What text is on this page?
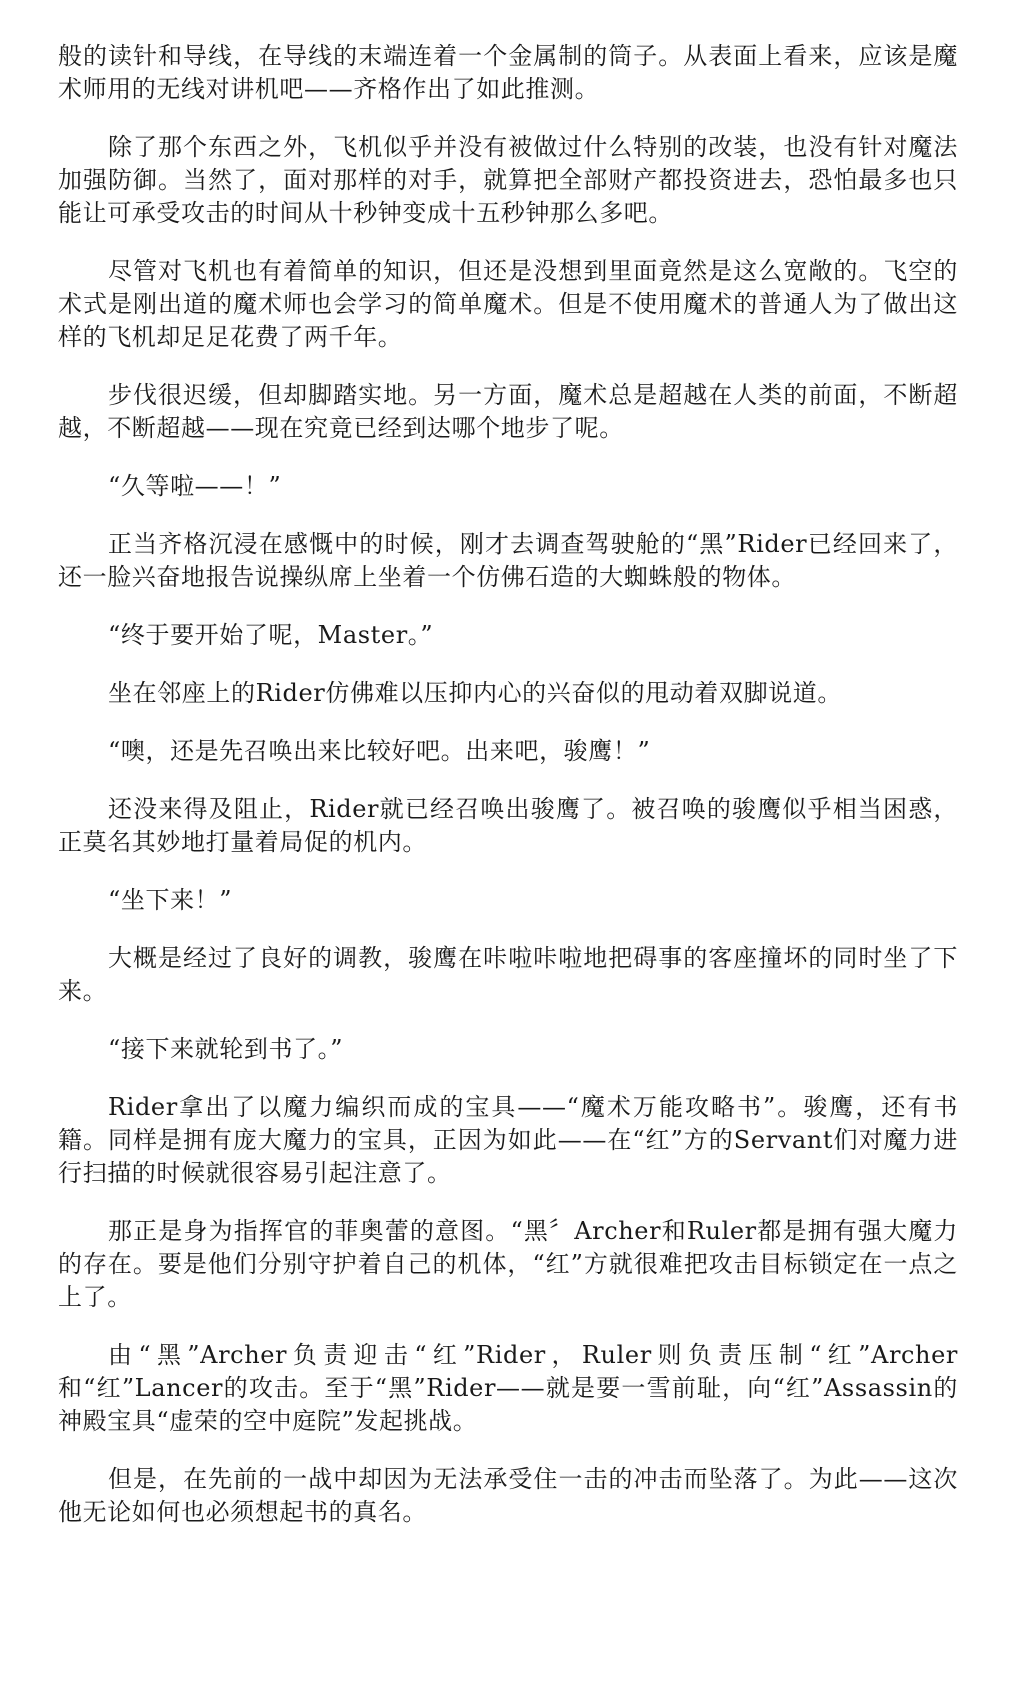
般的读针和导线，在导线的末端连着一个金属制的筒子。从表面上看来，应该是魔术师用的无线对讲机吧——齐格作出了如此推测。

除了那个东西之外，飞机似乎并没有被做过什么特别的改装，也没有针对魔法加强防御。当然了，面对那样的对手，就算把全部财产都投资进去，恐怕最多也只能让可承受攻击的时间从十秒钟变成十五秒钟那么多吧。

尽管对飞机也有着简单的知识，但还是没想到里面竟然是这么宽敞的。飞空的术式是刚出道的魔术师也会学习的简单魔术。但是不使用魔术的普通人为了做出这样的飞机却足足花费了两千年。

步伐很迟缓，但却脚踏实地。另一方面，魔术总是超越在人类的前面，不断超越，不断超越——现在究竟已经到达哪个地步了呢。

“久等啦——！”

正当齐格沉浸在感慨中的时候，刚才去调查驾驶舱的“黑”Rider已经回来了，还一脸兴奋地报告说操纵席上坐着一个仿佛石造的大蜘蛛般的物体。

“终于要开始了呢，Master。”

坐在邻座上的Rider仿佛难以压抑内心的兴奋似的甩动着双脚说道。

“噢，还是先召唤出来比较好吧。出来吧，骏鹰！”

还没来得及阻止，Rider就已经召唤出骏鹰了。被召唤的骏鹰似乎相当困惑，正莫名其妙地打量着局促的机内。

“坐下来！”

大概是经过了良好的调教，骏鹰在咔啦咔啦地把碍事的客座撞坏的同时坐了下来。

“接下来就轮到书了。”

Rider拿出了以魔力编织而成的宝具——“魔术万能攻略书”。骏鹰，还有书籍。同样是拥有庞大魔力的宝具，正因为如此——在“红”方的Servant们对魔力进行扫描的时候就很容易引起注意了。

那正是身为指挥官的菲奥蕾的意图。“黑〞Archer和Ruler都是拥有强大魔力的存在。要是他们分别守护着自己的机体，“红”方就很难把攻击目标锁定在一点之上了。

由“黑”Archer负责迎击“红”Rider，Ruler则负责压制“红”Archer和“红”Lancer的攻击。至于“黑”Rider——就是要一雪前耻，向“红”Assassin的神殿宝具“虚荣的空中庭院”发起挑战。

但是，在先前的一战中却因为无法承受住一击的冲击而坠落了。为此——这次他无论如何也必须想起书的真名。
